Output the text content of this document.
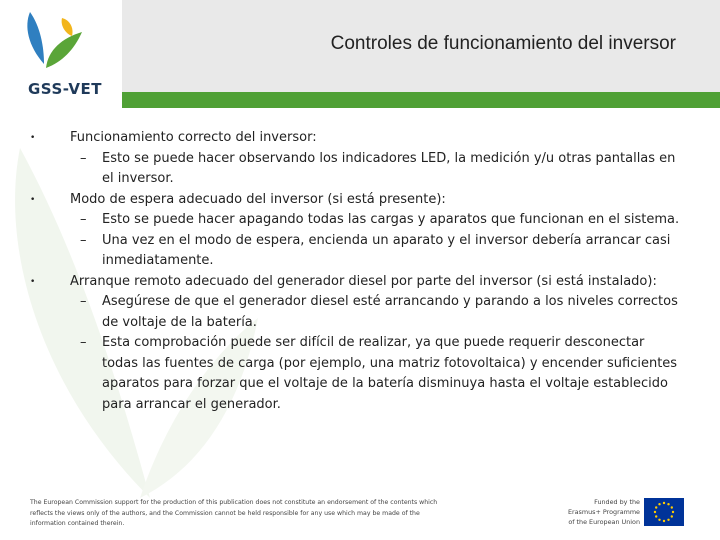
GSS-VET
Controles de funcionamiento del inversor
•	Funcionamiento correcto del inversor:
– Esto se puede hacer observando los indicadores LED, la medición y/u otras pantallas en el inversor.
•	Modo de espera adecuado del inversor (si está presente):
– Esto se puede hacer apagando todas las cargas y aparatos que funcionan en el sistema.
– Una vez en el modo de espera, encienda un aparato y el inversor debería arrancar casi inmediatamente.
•	Arranque remoto adecuado del generador diesel por parte del inversor (si está instalado):
– Asegúrese de que el generador diesel esté arrancando y parando a los niveles correctos de voltaje de la batería.
– Esta comprobación puede ser difícil de realizar, ya que puede requerir desconectar todas las fuentes de carga (por ejemplo, una matriz fotovoltaica) y encender suficientes aparatos para forzar que el voltaje de la batería disminuya hasta el voltaje establecido para arrancar el generador.
The European Commission support for the production of this publication does not constitute an endorsement of the contents which reflects the views only of the authors, and the Commission cannot be held responsible for any use which may be made of the information contained therein.
Funded by the
Erasmus+ Programme
of the European Union
